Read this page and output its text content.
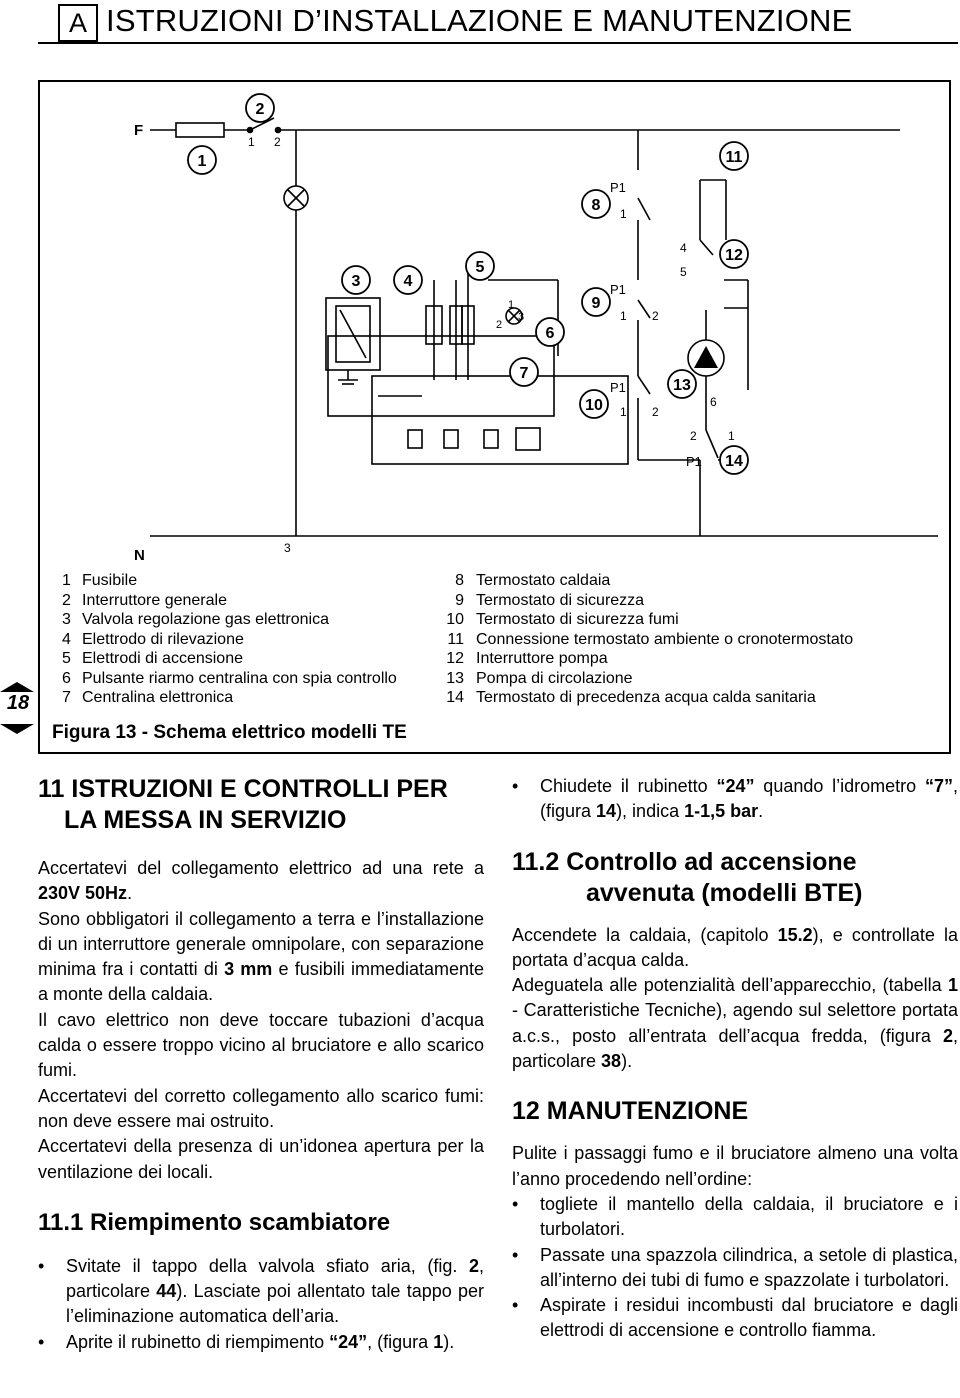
A ISTRUZIONI D’INSTALLAZIONE E MANUTENZIONE
F
1 2
N	3
1
2
3
P1
1
P1
1 2
P1
1 2
P1
1
2
4
5
6
1
2
3	4
5
6
7
8
9
10
11
12
13
14
1 Fusibile
2 Interruttore generale
3 Valvola regolazione gas elettronica
4 Elettrodo di rilevazione
5 Elettrodi di accensione
6 Pulsante riarmo centralina con spia controllo
7 Centralina elettronica
8 Termostato caldaia
9 Termostato di sicurezza
10 Termostato di sicurezza fumi
11 Connessione termostato ambiente o cronotermostato
12 Interruttore pompa
13 Pompa di circolazione
14 Termostato di precedenza acqua calda sanitaria
Figura 13 - Schema elettrico modelli TE
18
11 ISTRUZIONI E CONTROLLI PER
LA MESSA IN SERVIZIO

Accertatevi del collegamento elettrico ad una rete a 230V 50Hz.

Sono obbligatori il collegamento a terra e l’installazione di un interruttore generale omnipolare, con separazione minima fra i contatti di 3 mm e fusibili immediatamente a monte della caldaia.

Il cavo elettrico non deve toccare tubazioni d’acqua calda o essere troppo vicino al bruciatore e allo scarico fumi.

Accertatevi del corretto collegamento allo scarico fumi: non deve essere mai ostruito.

Accertatevi della presenza di un’idonea apertura per la ventilazione dei locali.

11.1 Riempimento scambiatore

• Svitate il tappo della valvola sfiato aria, (fig. 2, particolare 44). Lasciate poi allentato tale tappo per l’eliminazione automatica dell’aria.

• Aprite il rubinetto di riempimento “24”, (figura 1).

• Chiudete il rubinetto “24” quando l’idrometro “7”, (figura 14), indica 1-1,5 bar.

11.2 Controllo ad accensione
avvenuta (modelli BTE)

Accendete la caldaia, (capitolo 15.2), e controllate la portata d’acqua calda.

Adeguatela alle potenzialità dell’apparecchio, (tabella 1 - Caratteristiche Tecniche), agendo sul selettore portata a.c.s., posto all’entrata dell’acqua fredda, (figura 2, particolare 38).

12 MANUTENZIONE

Pulite i passaggi fumo e il bruciatore almeno una volta l’anno procedendo nell’ordine:

• togliete il mantello della caldaia, il bruciatore e i turbolatori.

• Passate una spazzola cilindrica, a setole di plastica, all’interno dei tubi di fumo e spazzolate i turbolatori.

• Aspirate i residui incombusti dal bruciatore e dagli elettrodi di accensione e controllo fiamma.
